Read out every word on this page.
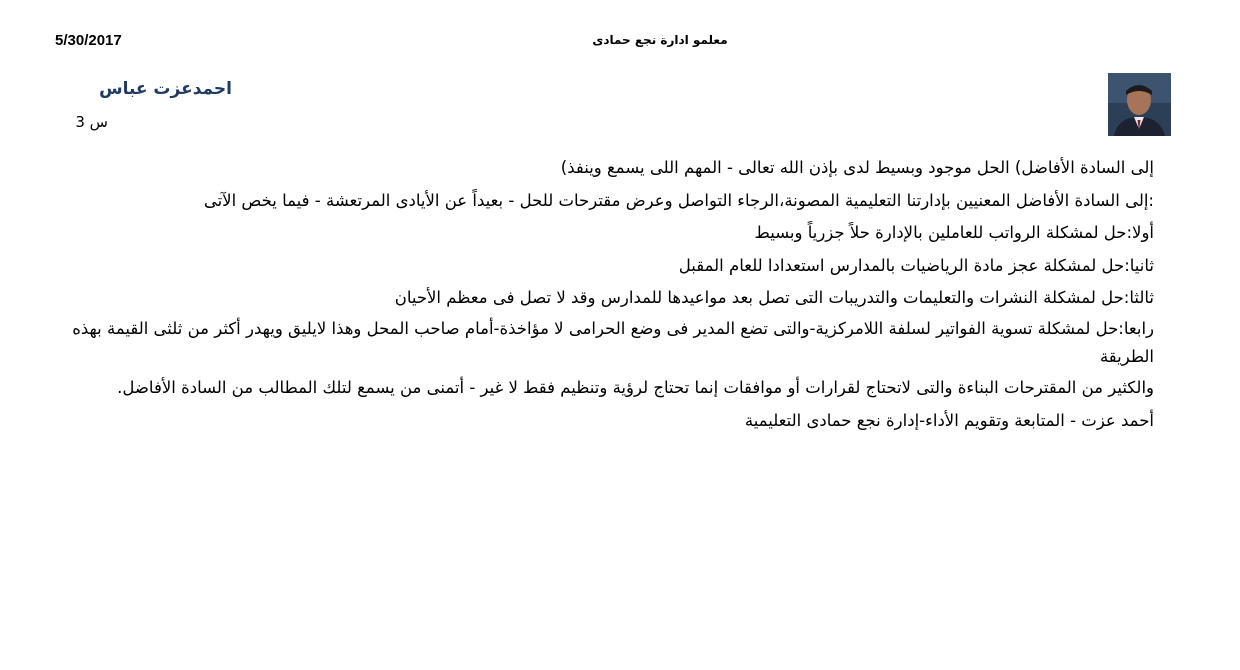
5/30/2017	معلمو ادارة نجع حمادى
احمدعزت عباس
س 3
إلى السادة الأفاضل) الحل موجود وبسيط لدى بإذن الله تعالى - المهم اللى يسمع وينفذ)
:إلى السادة الأفاضل المعنيين بإدارتنا التعليمية المصونة،الرجاء التواصل وعرض مقترحات للحل - بعيداً عن الأيادى المرتعشة - فيما يخص الآتى
أولا:حل لمشكلة الرواتب للعاملين بالإدارة حلاً جزرياً وبسيط
ثانيا:حل لمشكلة عجز مادة الرياضيات بالمدارس استعدادا للعام المقبل
ثالثا:حل لمشكلة النشرات والتعليمات والتدريبات التى تصل بعد مواعيدها للمدارس وقد لا تصل فى معظم الأحيان
رابعا:حل لمشكلة تسوية الفواتير لسلفة اللامركزية-والتى تضع المدير فى وضع الحرامى لا مؤاخذة-أمام صاحب المحل وهذا لايليق ويهدر أكثر من ثلثى القيمة بهذه الطريقة
والكثير من المقترحات البناءة والتى لاتحتاج لقرارات أو موافقات إنما تحتاج لرؤية وتنظيم فقط لا غير - أتمنى من يسمع لتلك المطالب من السادة الأفاضل.
أحمد عزت - المتابعة وتقويم الأداء-إدارة نجع حمادى التعليمية
